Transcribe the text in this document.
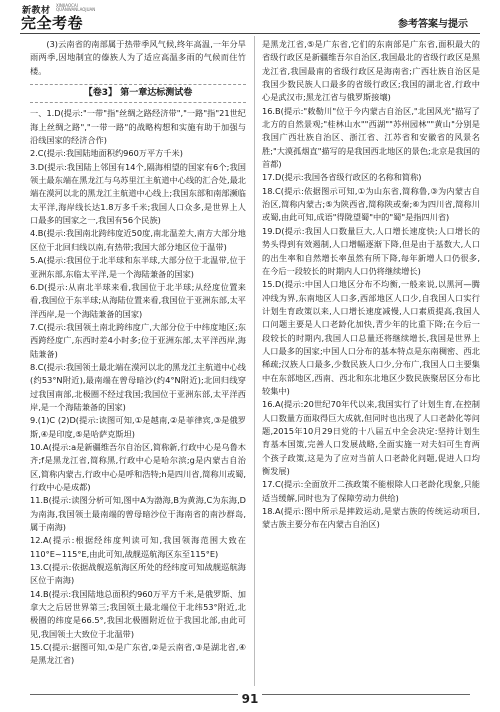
新教材
XINJIAOCAI QUANWANLAOJUAN
完全考卷	参考答案与提示

(3)云南省的南部属于热带季风气候,终年高温,一年分旱雨两季,因地制宜的傣族人为了适应高温多雨的气候而住竹楼。

【卷3】 第一章达标测试卷

一、1.D(提示:"一带"指"丝绸之路经济带","一路"指"21世纪海上丝绸之路","一带一路"的战略构想和实施有助于加强与沿线国家的经济合作)

2.C(提示:我国陆地面积约960万平方千米)

3.D(提示:我国陆上邻国有14个,隔海相望的国家有6个;我国领土最东端在黑龙江与乌苏里江主航道中心线的汇合处,最北端在漠河以北的黑龙江主航道中心线上;我国东部和南部濒临太平洋,海岸线长达1.8万多千米;我国人口众多,是世界上人口最多的国家之一,我国有56个民族)

4.B(提示:我国南北跨纬度近50度,南北温差大,南方大部分地区位于北回归线以南,有热带;我国大部分地区位于温带)

5.A(提示:我国位于北半球和东半球,大部分位于北温带,位于亚洲东部,东临太平洋,是一个海陆兼备的国家)

6.D(提示:从南北半球来看,我国位于北半球;从经度位置来看,我国位于东半球;从海陆位置来看,我国位于亚洲东部,太平洋西岸,是一个海陆兼备的国家)

7.C(提示:我国领土南北跨纬度广,大部分位于中纬度地区;东西跨经度广,东西时差4小时多;位于亚洲东部,太平洋西岸,海陆兼备)

8.C(提示:我国领土最北端在漠河以北的黑龙江主航道中心线(约53°N附近),最南端在曾母暗沙(约4°N附近);北回归线穿过我国南部,北极圈不经过我国;我国位于亚洲东部,太平洋西岸,是一个海陆兼备的国家)

9.(1)C (2)D(提示:读图可知,①是越南,②是菲律宾,③是俄罗斯,④是印度,⑤是哈萨克斯坦)

10.A(提示:a是新疆维吾尔自治区,简称新,行政中心是乌鲁木齐;f是黑龙江省,简称黑,行政中心是哈尔滨;g是内蒙古自治区,简称内蒙古,行政中心是呼和浩特;h是四川省,简称川或蜀,行政中心是成都)

11.B(提示:读图分析可知,图中A为渤海,B为黄海,C为东海,D为南海,我国领土最南端的曾母暗沙位于海南省的南沙群岛,属于南海)

12.A(提示:根据经纬度判读可知,我国领海范围大致在110°E~115°E,由此可知,战舰巡航海区东至115°E)

13.C(提示:依据战舰巡航海区所处的经纬度可知战舰巡航海区位于南海)

14.B(提示:我国陆地总面积约960万平方千米,是俄罗斯、加拿大之后居世界第三;我国领土最北端位于北纬53°附近,北极圈的纬度是66.5°,我国北极圈附近位于我国北部,由此可见,我国领土大致位于北温带)

15.C(提示:据图可知,①是广东省,②是云南省,③是湖北省,④是黑龙江省)

是黑龙江省,⑤是广东省,它们的东南部是广东省,面积最大的省级行政区是新疆维吾尔自治区,我国最北的省级行政区是黑龙江省,我国最南的省级行政区是海南省;广西壮族自治区是我国少数民族人口最多的省级行政区;我国的湖北省,行政中心是武汉市;黑龙江省与俄罗斯接壤)

16.B(提示:"敕勒川"位于今内蒙古自治区,"北国风光"描写了北方的自然景观;"桂林山水""西湖""苏州园林""黄山"分别是我国广西壮族自治区、浙江省、江苏省和安徽省的风景名胜;"大漠孤烟直"描写的是我国西北地区的景色;北京是我国的首都)

17.D(提示:我国各省级行政区的名称和简称)

18.C(提示:依据图示可知,①为山东省,简称鲁,③为内蒙古自治区,简称内蒙古;⑤为陕西省,简称陕或秦;⑥为四川省,简称川或蜀,由此可知,成语"得陇望蜀"中的"蜀"是指四川省)

19.D(提示:我国人口数量巨大,人口增长速度快;人口增长的势头得到有效遏制,人口增幅逐渐下降,但是由于基数大,人口的出生率和自然增长率虽然有所下降,每年新增人口仍很多,在今后一段较长的时期内人口仍将继续增长)

15.D(提示:中国人口地区分布不均衡,一般来说,以黑河—腾冲线为界,东南地区人口多,西部地区人口少,自我国人口实行计划生育政策以来,人口增长速度减慢,人口素质提高,我国人口问题主要是人口老龄化加快,青少年的比重下降;在今后一段较长的时期内,我国人口总量还将继续增长,我国是世界上人口最多的国家;中国人口分布的基本特点是东南稠密、西北稀疏;汉族人口最多,少数民族人口少,分布广,我国人口主要集中在东部地区,西南、西北和东北地区少数民族聚居区分布比较集中)

16.A(提示:20世纪70年代以来,我国实行了计划生育,在控制人口数量方面取得巨大成就,但同时也出现了人口老龄化等问题,2015年10月29日党的十八届五中全会决定:坚持计划生育基本国策,完善人口发展战略,全面实施一对夫妇可生育两个孩子政策,这是为了应对当前人口老龄化问题,促进人口均衡发展)

17.C(提示:全面放开二孩政策不能根除人口老龄化现象,只能适当缓解,同时也为了保障劳动力供给)

18.A(提示:图中所示是摔跤运动,是蒙古族的传统运动项目,蒙古族主要分布在内蒙古自治区)

91
